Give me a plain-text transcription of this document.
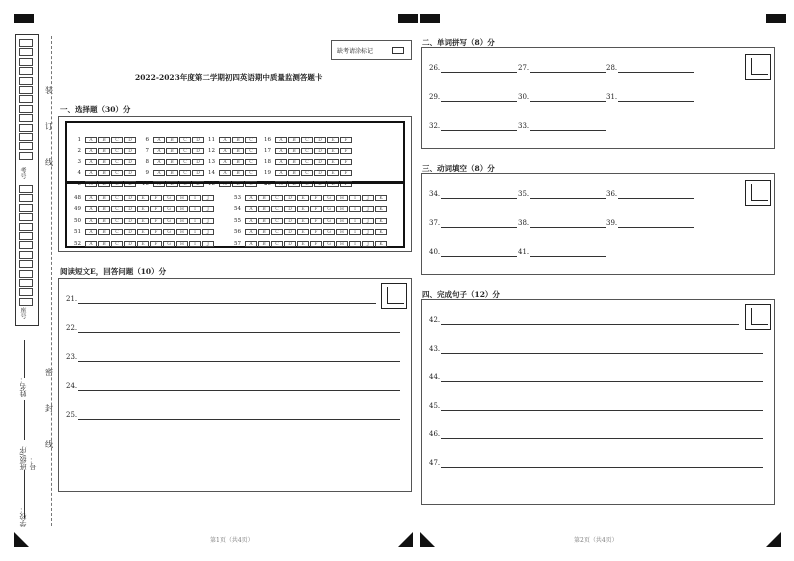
考号
座号
装
订
线
密
封
线
学校：
班级/序号：
姓名：
缺考请涂标记
2022-2023年度第二学期初四英语期中质量监测答题卡
一、选择题（30）分
1 A B C D
2 A B C D
3 A B C D
4 A B C D
5 A B C D
6 A B C D
7 A B C D
8 A B C D
9 A B C D
10 A B C D
11 A B C
12 A B C
13 A B C
14 A B C
15 A B C
16 A B C D E F
17 A B C D E F
18 A B C D E F
19 A B C D E F
20 A B C D E F
48 A B C D E F G H I J
49 A B C D E F G H I J
50 A B C D E F G H I J
51 A B C D E F G H I J
52 A B C D E F G H I J
53 A B C D E F G H I J K
54 A B C D E F G H I J K
55 A B C D E F G H I J K
56 A B C D E F G H I J K
57 A B C D E F G H I J K
阅读短文E，回答问题（10）分
21.
22.
23.
24.
25.
第1页（共4页）
二、单词拼写（8）分
26.	27.	28.
29.	30.	31.
32.	33.
三、动词填空（8）分
34.	35.	36.
37.	38.	39.
40.	41.
四、完成句子（12）分
42.
43.
44.
45.
46.
47.
第2页（共4页）
